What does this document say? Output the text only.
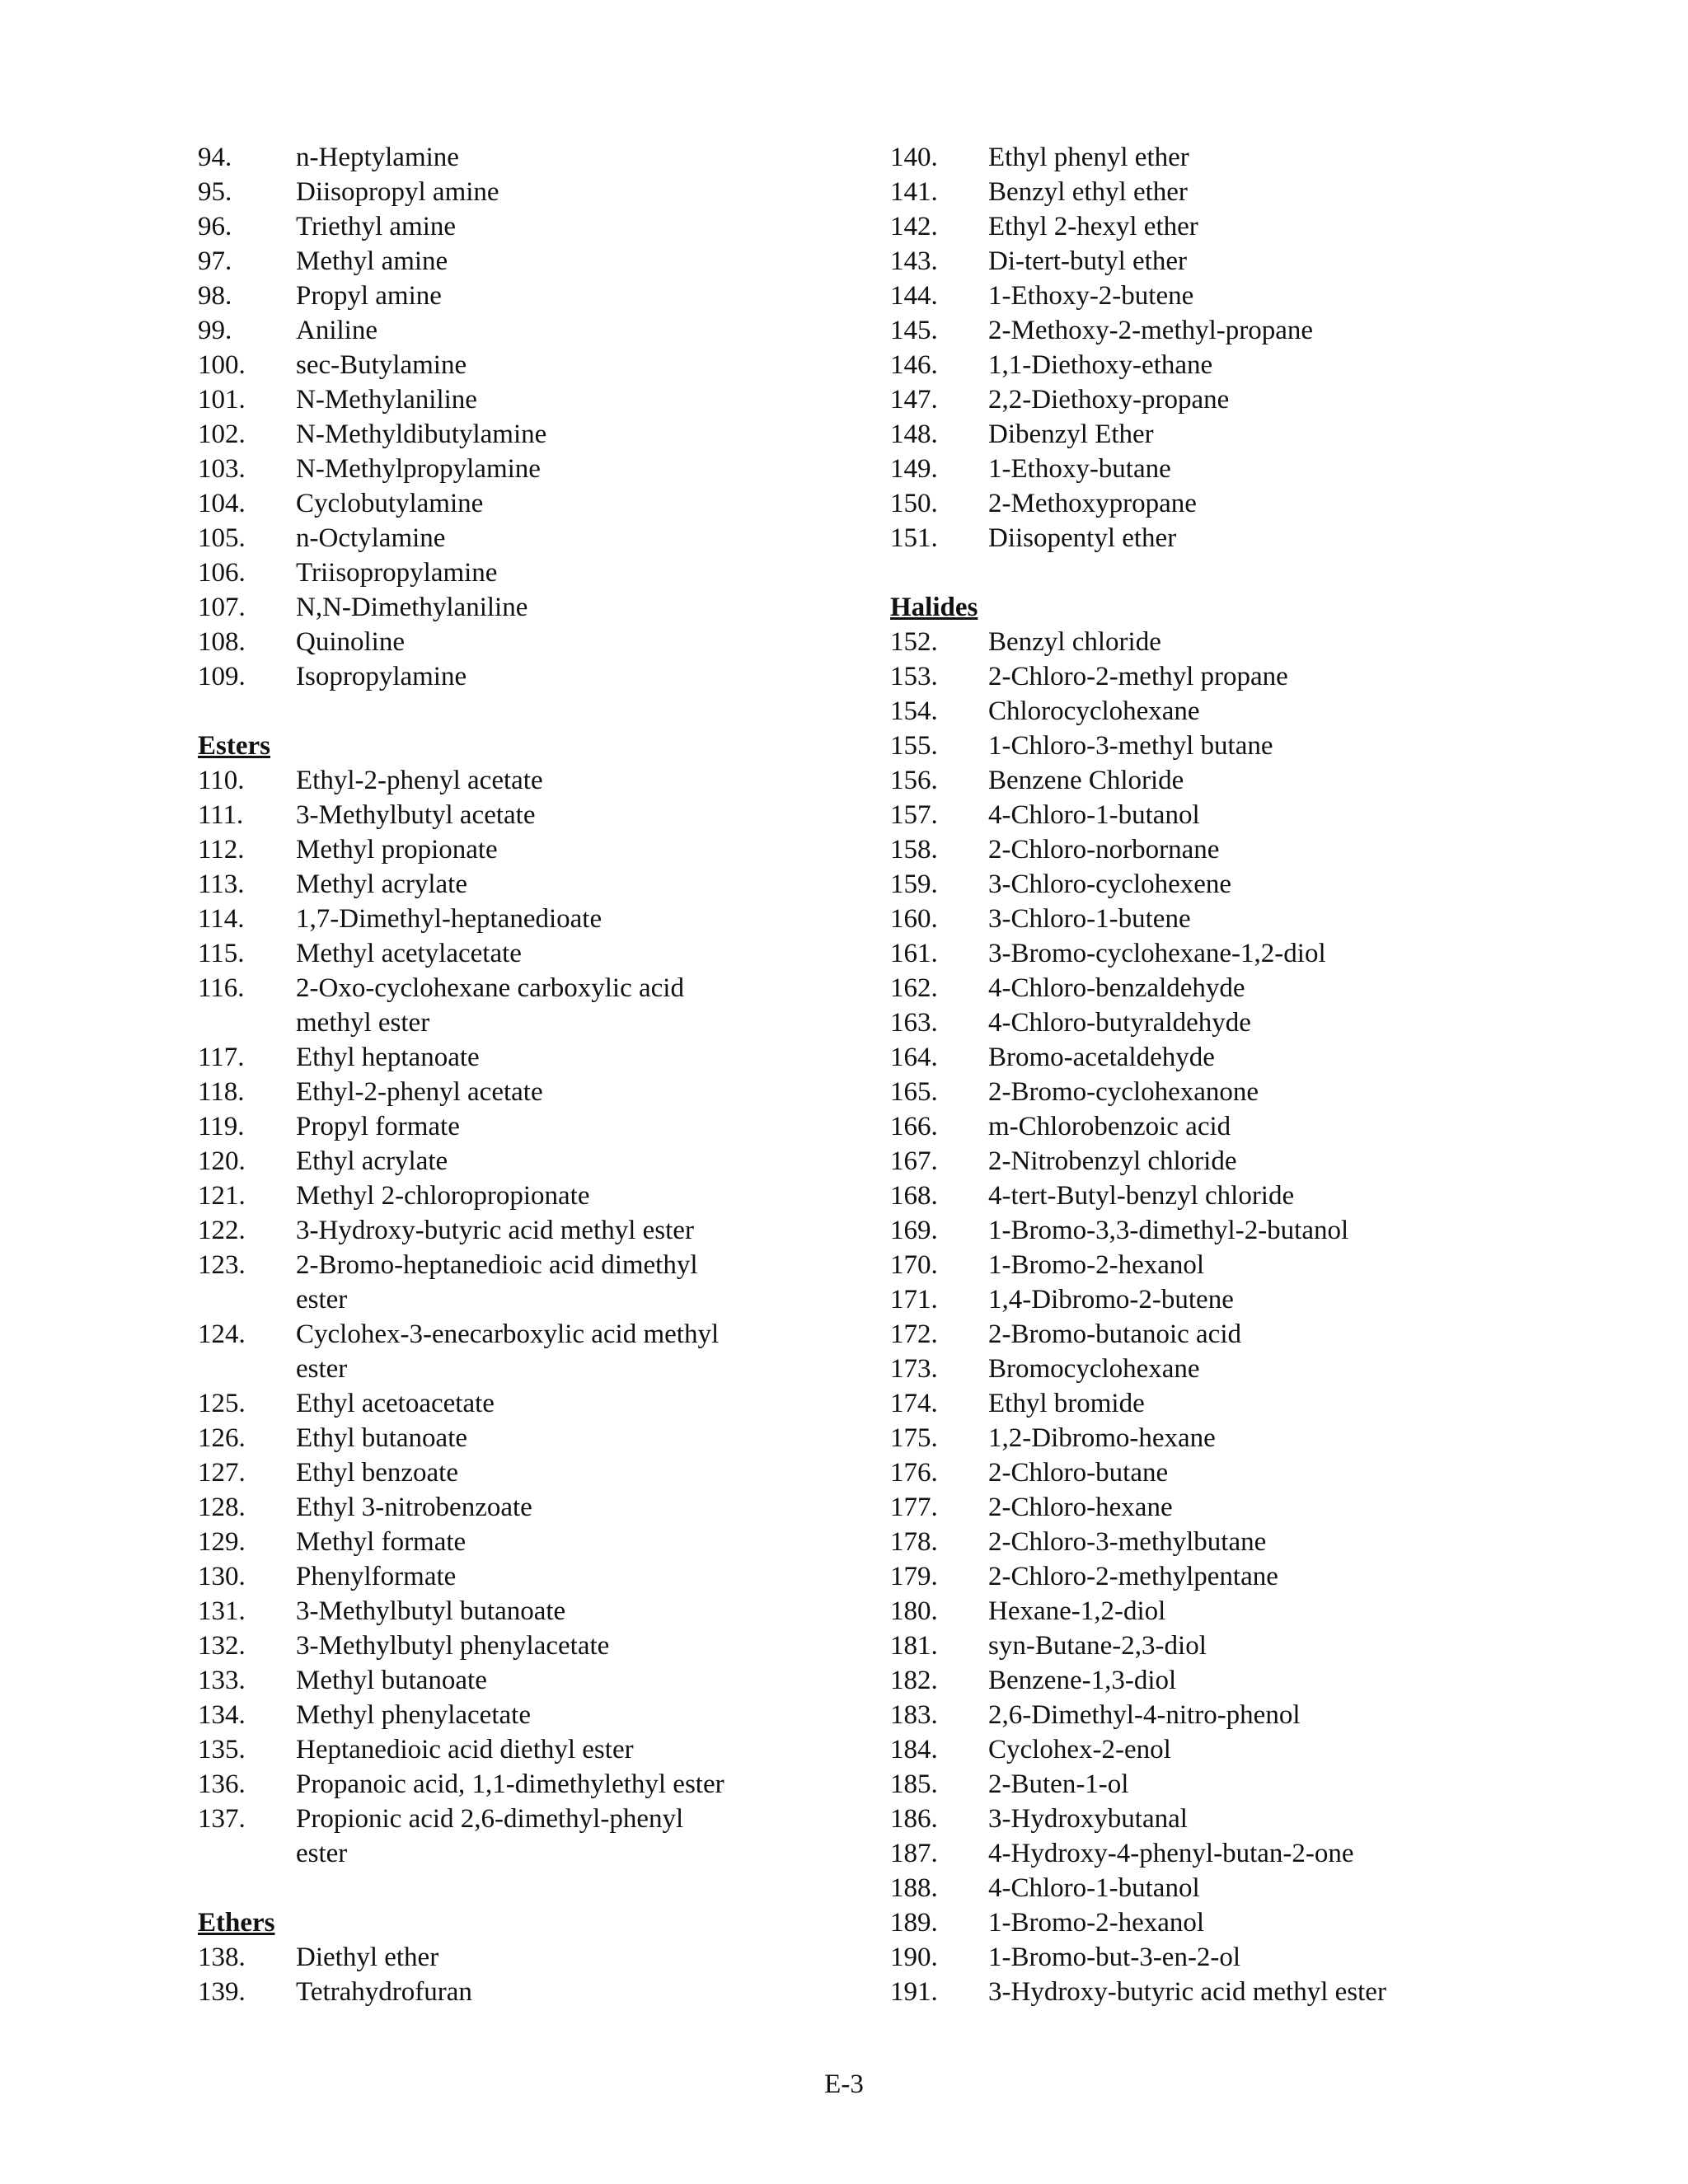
94.	n-Heptylamine
95.	Diisopropyl amine
96.	Triethyl amine
97.	Methyl amine
98.	Propyl amine
99.	Aniline
100.	sec-Butylamine
101.	N-Methylaniline
102.	N-Methyldibutylamine
103.	N-Methylpropylamine
104.	Cyclobutylamine
105.	n-Octylamine
106.	Triisopropylamine
107.	N,N-Dimethylaniline
108.	Quinoline
109.	Isopropylamine
Esters
110.	Ethyl-2-phenyl acetate
111.	3-Methylbutyl acetate
112.	Methyl propionate
113.	Methyl acrylate
114.	1,7-Dimethyl-heptanedioate
115.	Methyl acetylacetate
116.	2-Oxo-cyclohexane carboxylic acid
methyl ester
117.	Ethyl heptanoate
118.	Ethyl-2-phenyl acetate
119.	Propyl formate
120.	Ethyl acrylate
121.	Methyl 2-chloropropionate
122.	3-Hydroxy-butyric acid methyl ester
123.	2-Bromo-heptanedioic acid dimethyl
ester
124.	Cyclohex-3-enecarboxylic acid methyl
ester
125.	Ethyl acetoacetate
126.	Ethyl butanoate
127.	Ethyl benzoate
128.	Ethyl 3-nitrobenzoate
129.	Methyl formate
130.	Phenylformate
131.	3-Methylbutyl butanoate
132.	3-Methylbutyl phenylacetate
133.	Methyl butanoate
134.	Methyl phenylacetate
135.	Heptanedioic acid diethyl ester
136.	Propanoic acid, 1,1-dimethylethyl ester
137.	Propionic acid 2,6-dimethyl-phenyl
ester
Ethers
138.	Diethyl ether
139.	Tetrahydrofuran
140.	Ethyl phenyl ether
141.	Benzyl ethyl ether
142.	Ethyl 2-hexyl ether
143.	Di-tert-butyl ether
144.	1-Ethoxy-2-butene
145.	2-Methoxy-2-methyl-propane
146.	1,1-Diethoxy-ethane
147.	2,2-Diethoxy-propane
148.	Dibenzyl Ether
149.	1-Ethoxy-butane
150.	2-Methoxypropane
151.	Diisopentyl ether
Halides
152.	Benzyl chloride
153.	2-Chloro-2-methyl propane
154.	Chlorocyclohexane
155.	1-Chloro-3-methyl butane
156.	Benzene Chloride
157.	4-Chloro-1-butanol
158.	2-Chloro-norbornane
159.	3-Chloro-cyclohexene
160.	3-Chloro-1-butene
161.	3-Bromo-cyclohexane-1,2-diol
162.	4-Chloro-benzaldehyde
163.	4-Chloro-butyraldehyde
164.	Bromo-acetaldehyde
165.	2-Bromo-cyclohexanone
166.	m-Chlorobenzoic acid
167.	2-Nitrobenzyl chloride
168.	4-tert-Butyl-benzyl chloride
169.	1-Bromo-3,3-dimethyl-2-butanol
170.	1-Bromo-2-hexanol
171.	1,4-Dibromo-2-butene
172.	2-Bromo-butanoic acid
173.	Bromocyclohexane
174.	Ethyl bromide
175.	1,2-Dibromo-hexane
176.	2-Chloro-butane
177.	2-Chloro-hexane
178.	2-Chloro-3-methylbutane
179.	2-Chloro-2-methylpentane
180.	Hexane-1,2-diol
181.	syn-Butane-2,3-diol
182.	Benzene-1,3-diol
183.	2,6-Dimethyl-4-nitro-phenol
184.	Cyclohex-2-enol
185.	2-Buten-1-ol
186.	3-Hydroxybutanal
187.	4-Hydroxy-4-phenyl-butan-2-one
188.	4-Chloro-1-butanol
189.	1-Bromo-2-hexanol
190.	1-Bromo-but-3-en-2-ol
191.	3-Hydroxy-butyric acid methyl ester
E-3
